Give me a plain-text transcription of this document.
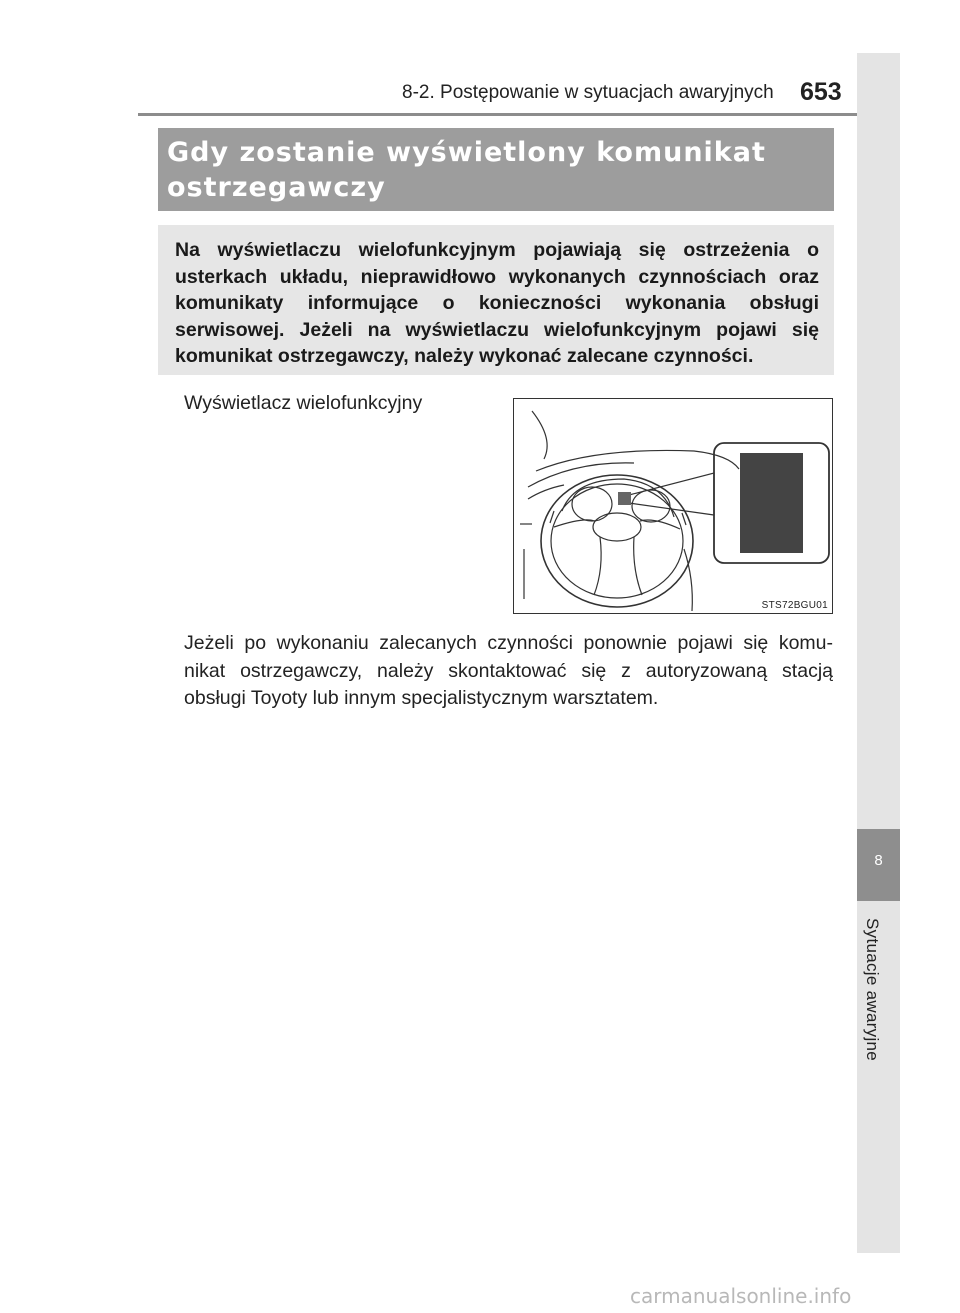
8-2. Postępowanie w sytuacjach awaryjnych 653
8
Sytuacje awaryjne
Gdy zostanie wyświetlony komunikat ostrzegawczy

Na wyświetlaczu wielofunkcyjnym pojawiają się ostrzeżenia o usterkach układu, nieprawidłowo wykonanych czynnościach oraz komunikaty informujące o konieczności wykonania obsługi serwisowej. Jeżeli na wyświetlaczu wielofunkcyjnym pojawi się komunikat ostrzegawczy, należy wykonać zalecane czynności.

Wyświetlacz wielofunkcyjny
STS72BGU01

Jeżeli po wykonaniu zalecanych czynności ponownie pojawi się komu-nikat ostrzegawczy, należy skontaktować się z autoryzowaną stacją obsługi Toyoty lub innym specjalistycznym warsztatem.

carmanualsonline.info
